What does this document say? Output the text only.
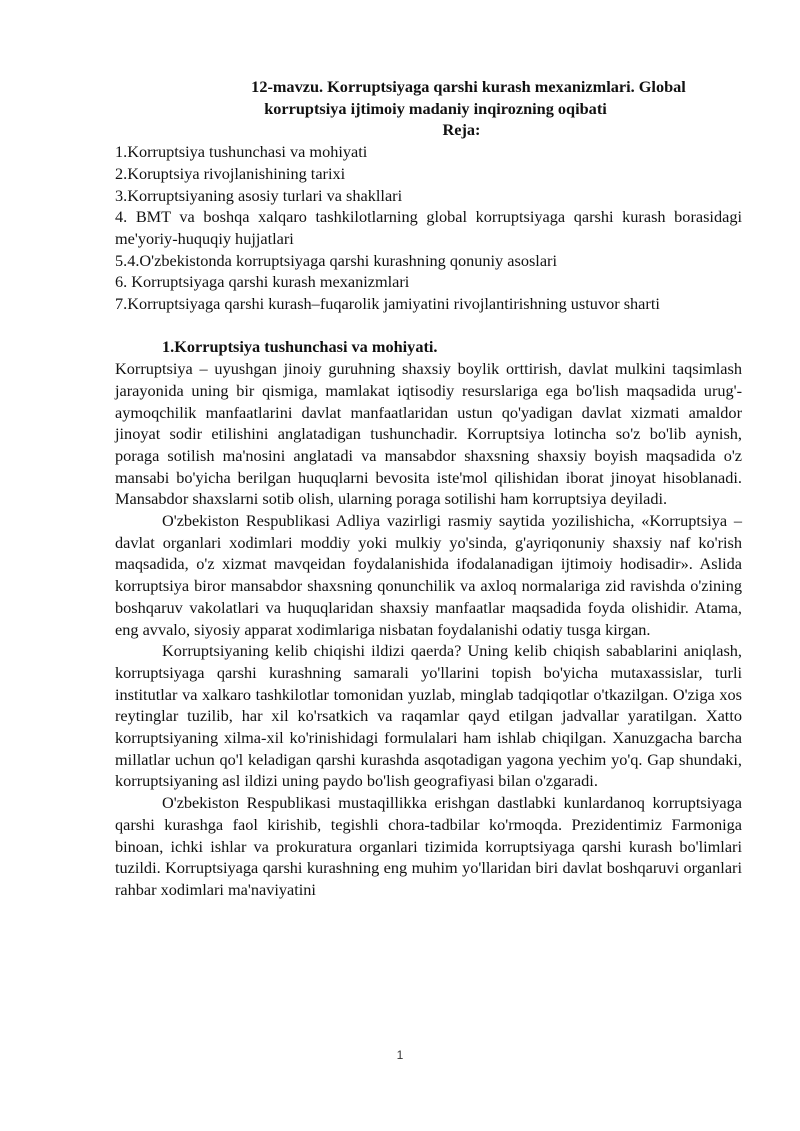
12-mavzu. Korruptsiyaga qarshi kurash mexanizmlari. Global
korruptsiya ijtimoiy madaniy inqirozning oqibati
Reja:
1.Korruptsiya tushunchasi va mohiyati
2.Koruptsiya rivojlanishining tarixi
3.Korruptsiyaning asosiy turlari va shakllari
4. BMT va boshqa xalqaro tashkilotlarning global korruptsiyaga qarshi kurash borasidagi me'yoriy-huquqiy hujjatlari
5.4.O'zbekistonda korruptsiyaga qarshi kurashning qonuniy asoslari
6. Korruptsiyaga qarshi kurash mexanizmlari
7.Korruptsiyaga qarshi kurash–fuqarolik jamiyatini rivojlantirishning ustuvor sharti
1.Korruptsiya tushunchasi va mohiyati.

Korruptsiya – uyushgan jinoiy guruhning shaxsiy boylik orttirish, davlat mulkini taqsimlash jarayonida uning bir qismiga, mamlakat iqtisodiy resurslariga ega bo'lish maqsadida urug'-aymoqchilik manfaatlarini davlat manfaatlaridan ustun qo'yadigan davlat xizmati amaldor jinoyat sodir etilishini anglatadigan tushunchadir. Korruptsiya lotincha so'z bo'lib aynish, poraga sotilish ma'nosini anglatadi va mansabdor shaxsning shaxsiy boyish maqsadida o'z mansabi bo'yicha berilgan huquqlarni bevosita iste'mol qilishidan iborat jinoyat hisoblanadi. Mansabdor shaxslarni sotib olish, ularning poraga sotilishi ham korruptsiya deyiladi.

O'zbekiston Respublikasi Adliya vazirligi rasmiy saytida yozilishicha, «Korruptsiya – davlat organlari xodimlari moddiy yoki mulkiy yo'sinda, g'ayriqonuniy shaxsiy naf ko'rish maqsadida, o'z xizmat mavqeidan foydalanishida ifodalanadigan ijtimoiy hodisadir». Aslida korruptsiya biror mansabdor shaxsning qonunchilik va axloq normalariga zid ravishda o'zining boshqaruv vakolatlari va huquqlaridan shaxsiy manfaatlar maqsadida foyda olishidir. Atama, eng avvalo, siyosiy apparat xodimlariga nisbatan foydalanishi odatiy tusga kirgan.

Korruptsiyaning kelib chiqishi ildizi qaerda? Uning kelib chiqish sabablarini aniqlash, korruptsiyaga qarshi kurashning samarali yo'llarini topish bo'yicha mutaxassislar, turli institutlar va xalkaro tashkilotlar tomonidan yuzlab, minglab tadqiqotlar o'tkazilgan. O'ziga xos reytinglar tuzilib, har xil ko'rsatkich va raqamlar qayd etilgan jadvallar yaratilgan. Xatto korruptsiyaning xilma-xil ko'rinishidagi formulalari ham ishlab chiqilgan. Xanuzgacha barcha millatlar uchun qo'l keladigan qarshi kurashda asqotadigan yagona yechim yo'q. Gap shundaki, korruptsiyaning asl ildizi uning paydo bo'lish geografiyasi bilan o'zgaradi.

O'zbekiston Respublikasi mustaqillikka erishgan dastlabki kunlardanoq korruptsiyaga qarshi kurashga faol kirishib, tegishli chora-tadbilar ko'rmoqda. Prezidentimiz Farmoniga binoan, ichki ishlar va prokuratura organlari tizimida korruptsiyaga qarshi kurash bo'limlari tuzildi. Korruptsiyaga qarshi kurashning eng muhim yo'llaridan biri davlat boshqaruvi organlari rahbar xodimlari ma'naviyatini

1
